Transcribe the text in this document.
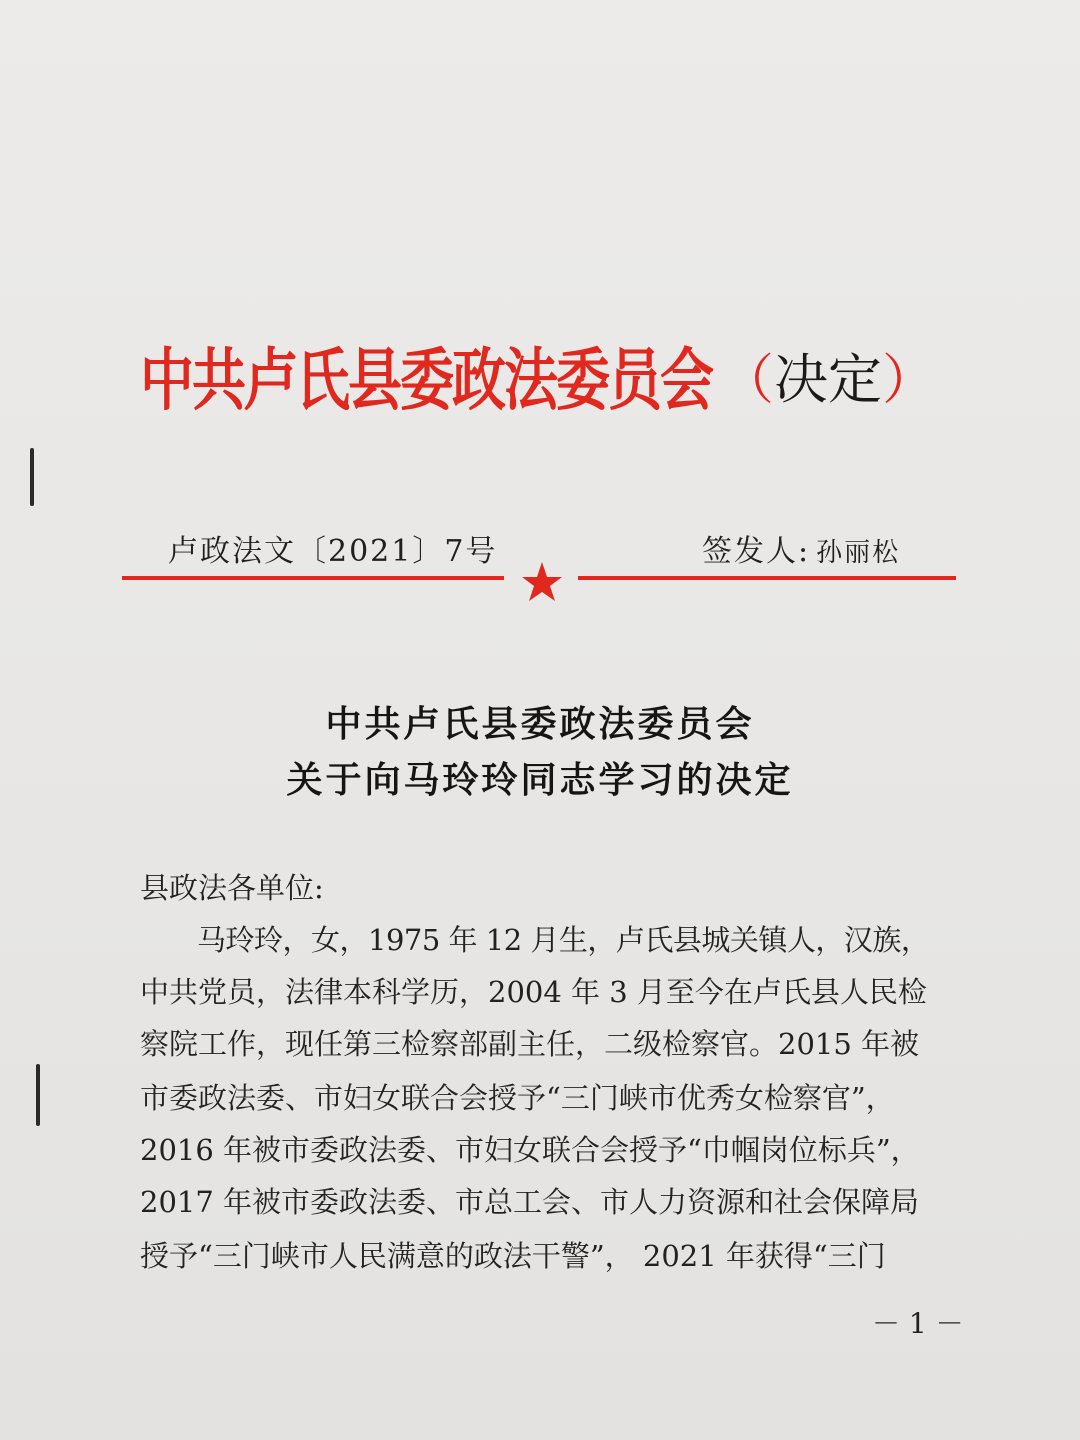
中共卢氏县委政法委员会 （决定）
卢政法文〔2021〕7号	签发人: 孙丽松
中共卢氏县委政法委员会
关于向马玲玲同志学习的决定
县政法各单位:
　　马玲玲，女，1975 年 12 月生，卢氏县城关镇人，汉族，
中共党员，法律本科学历，2004 年 3 月至今在卢氏县人民检
察院工作，现任第三检察部副主任，二级检察官。2015 年被
市委政法委、市妇女联合会授予“三门峡市优秀女检察官”，
2016 年被市委政法委、市妇女联合会授予“巾帼岗位标兵”，
2017 年被市委政法委、市总工会、市人力资源和社会保障局
授予“三门峡市人民满意的政法干警”， 2021 年获得“三门
－ 1 －
